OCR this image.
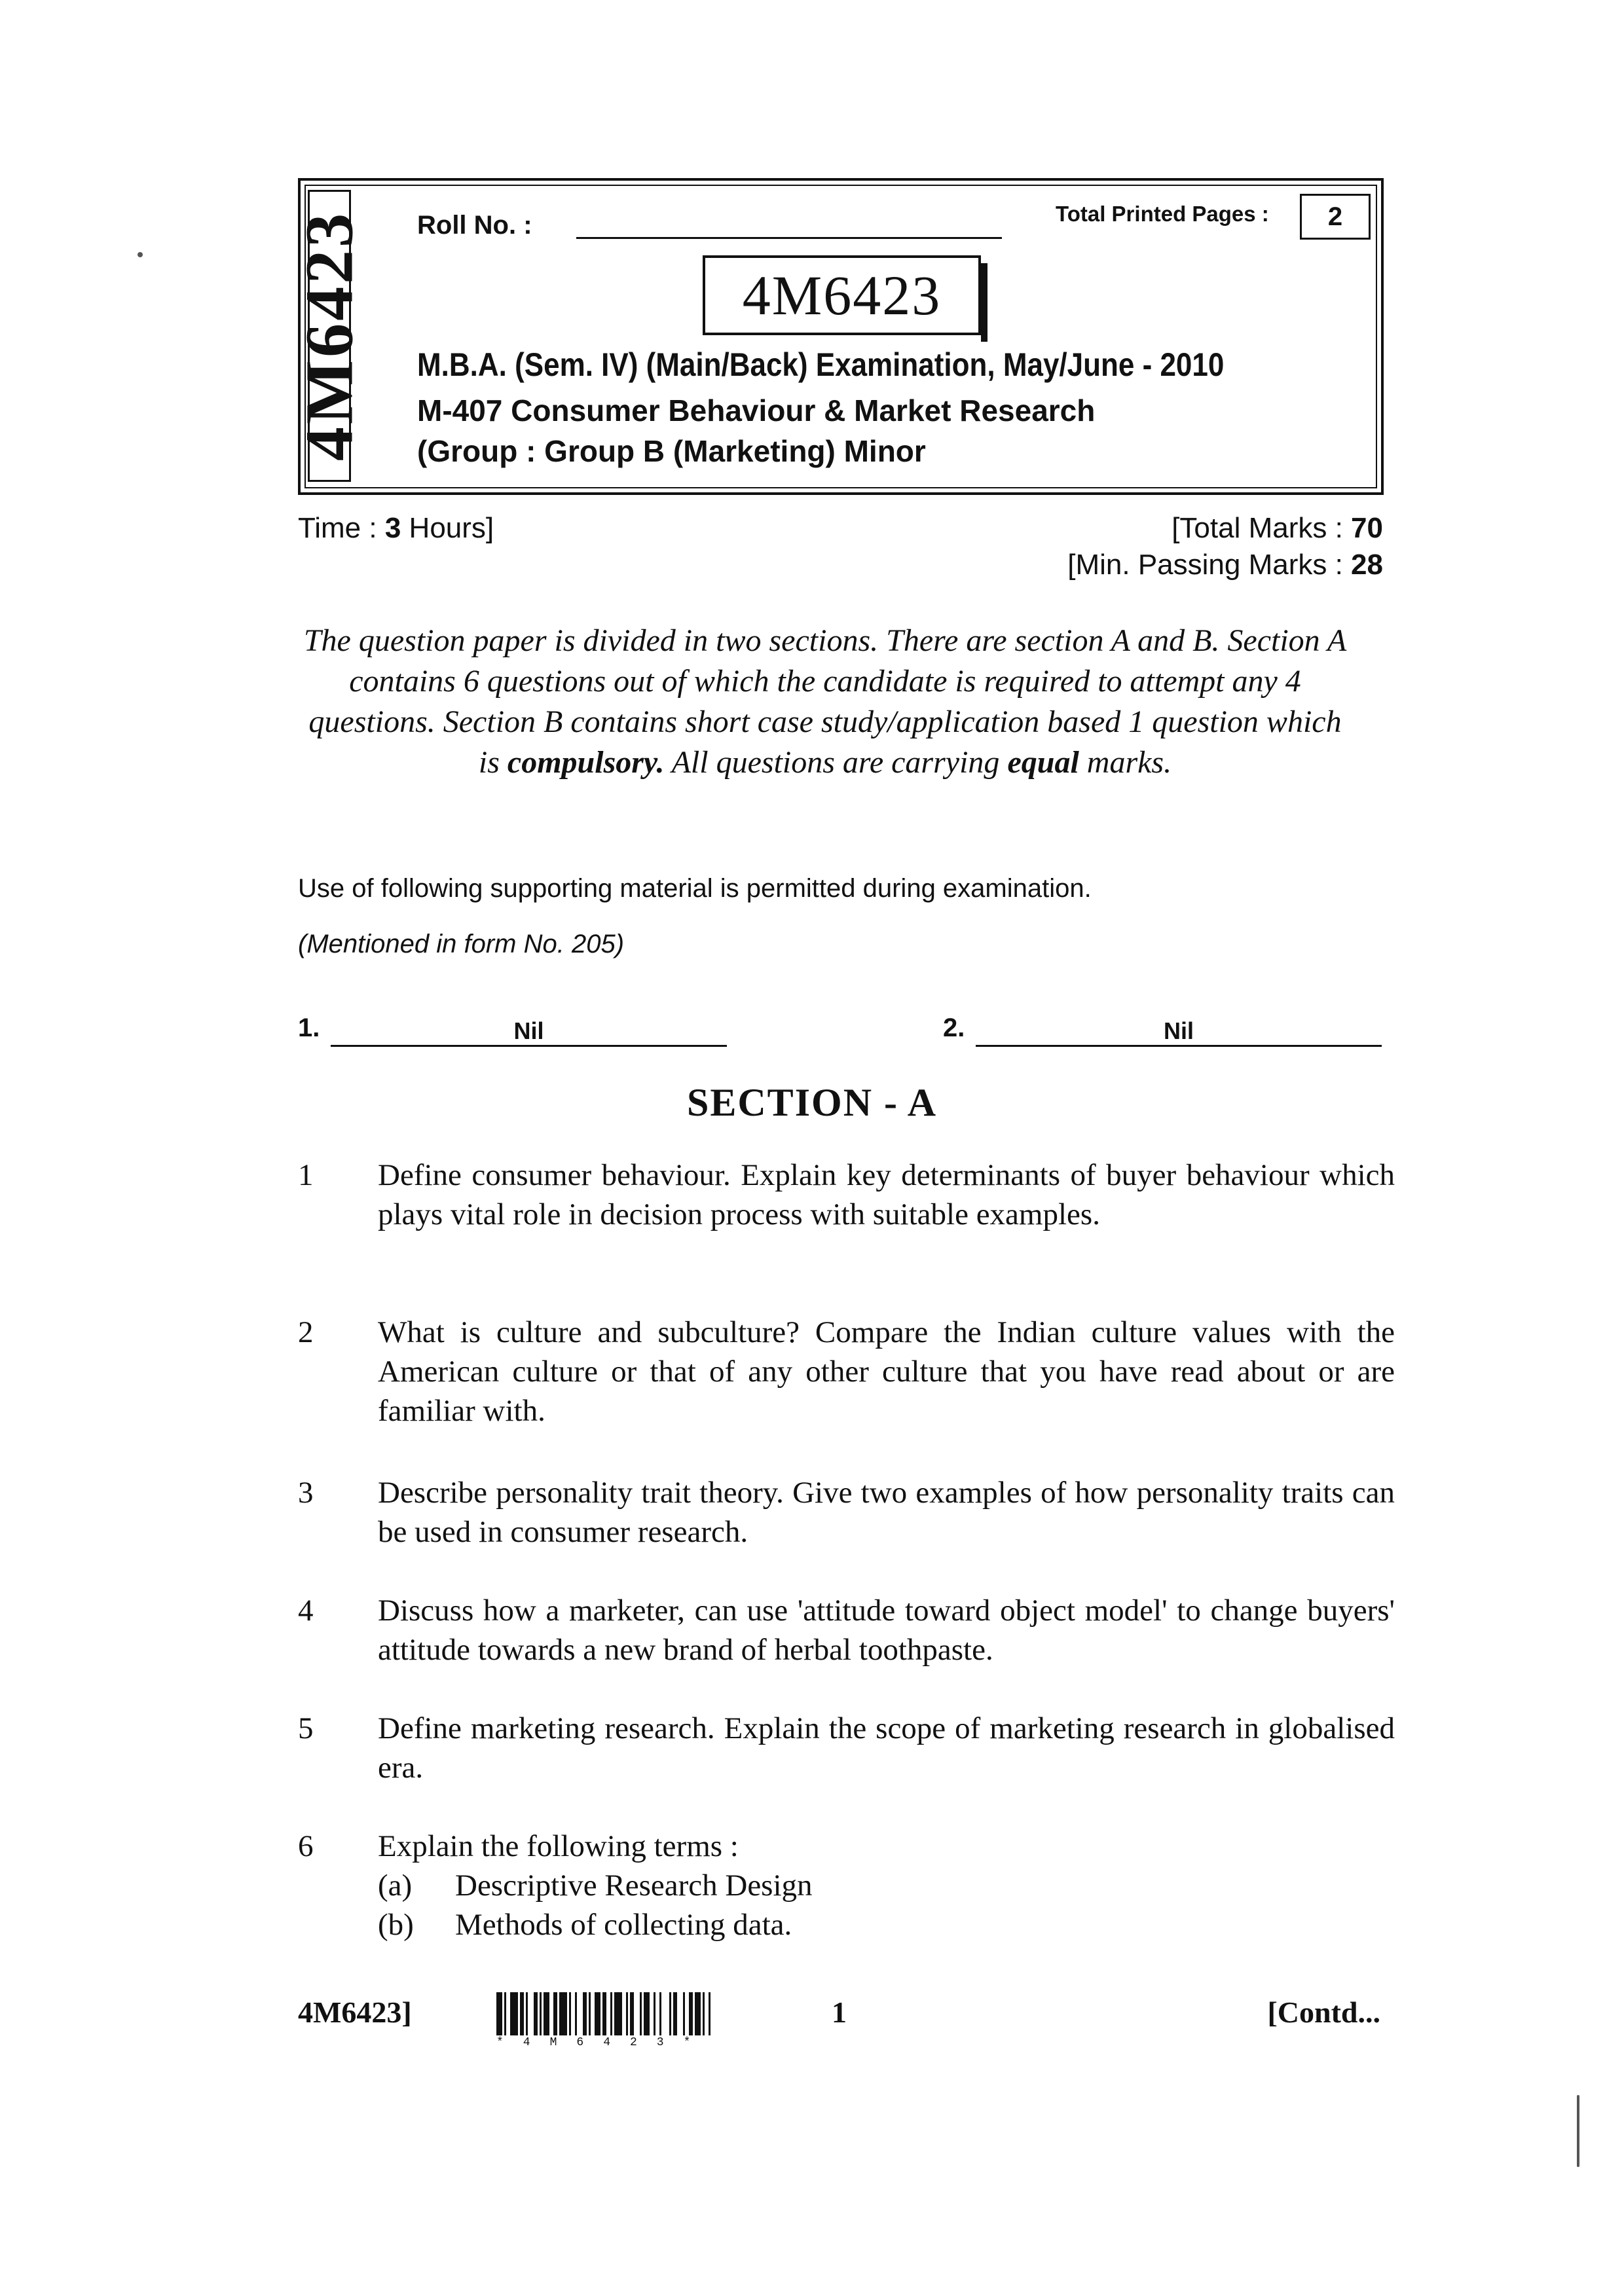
4M6423 Roll No. :	Total Printed Pages :	2
4M6423
M.B.A. (Sem. IV) (Main/Back) Examination, May/June - 2010
M-407 Consumer Behaviour & Market Research
(Group : Group B (Marketing) Minor
Time : 3 Hours]	[Total Marks : 70
[Min. Passing Marks : 28
The question paper is divided in two sections. There are section A and B. Section A contains 6 questions out of which the candidate is required to attempt any 4 questions. Section B contains short case study/application based 1 question which is compulsory. All questions are carrying equal marks.
Use of following supporting material is permitted during examination.
(Mentioned in form No. 205)
1.	Nil	2.	Nil
SECTION - A
1	Define consumer behaviour. Explain key determinants of buyer behaviour which plays vital role in decision process with suitable examples.
2	What is culture and subculture? Compare the Indian culture values with the American culture or that of any other culture that you have read about or are familiar with.
3	Describe personality trait theory. Give two examples of how personality traits can be used in consumer research.
4	Discuss how a marketer, can use 'attitude toward object model' to change buyers' attitude towards a new brand of herbal toothpaste.
5	Define marketing research. Explain the scope of marketing research in globalised era.
6	Explain the following terms :
(a) Descriptive Research Design
(b) Methods of collecting data.
4M6423]
*4M6423*
1	[Contd...
